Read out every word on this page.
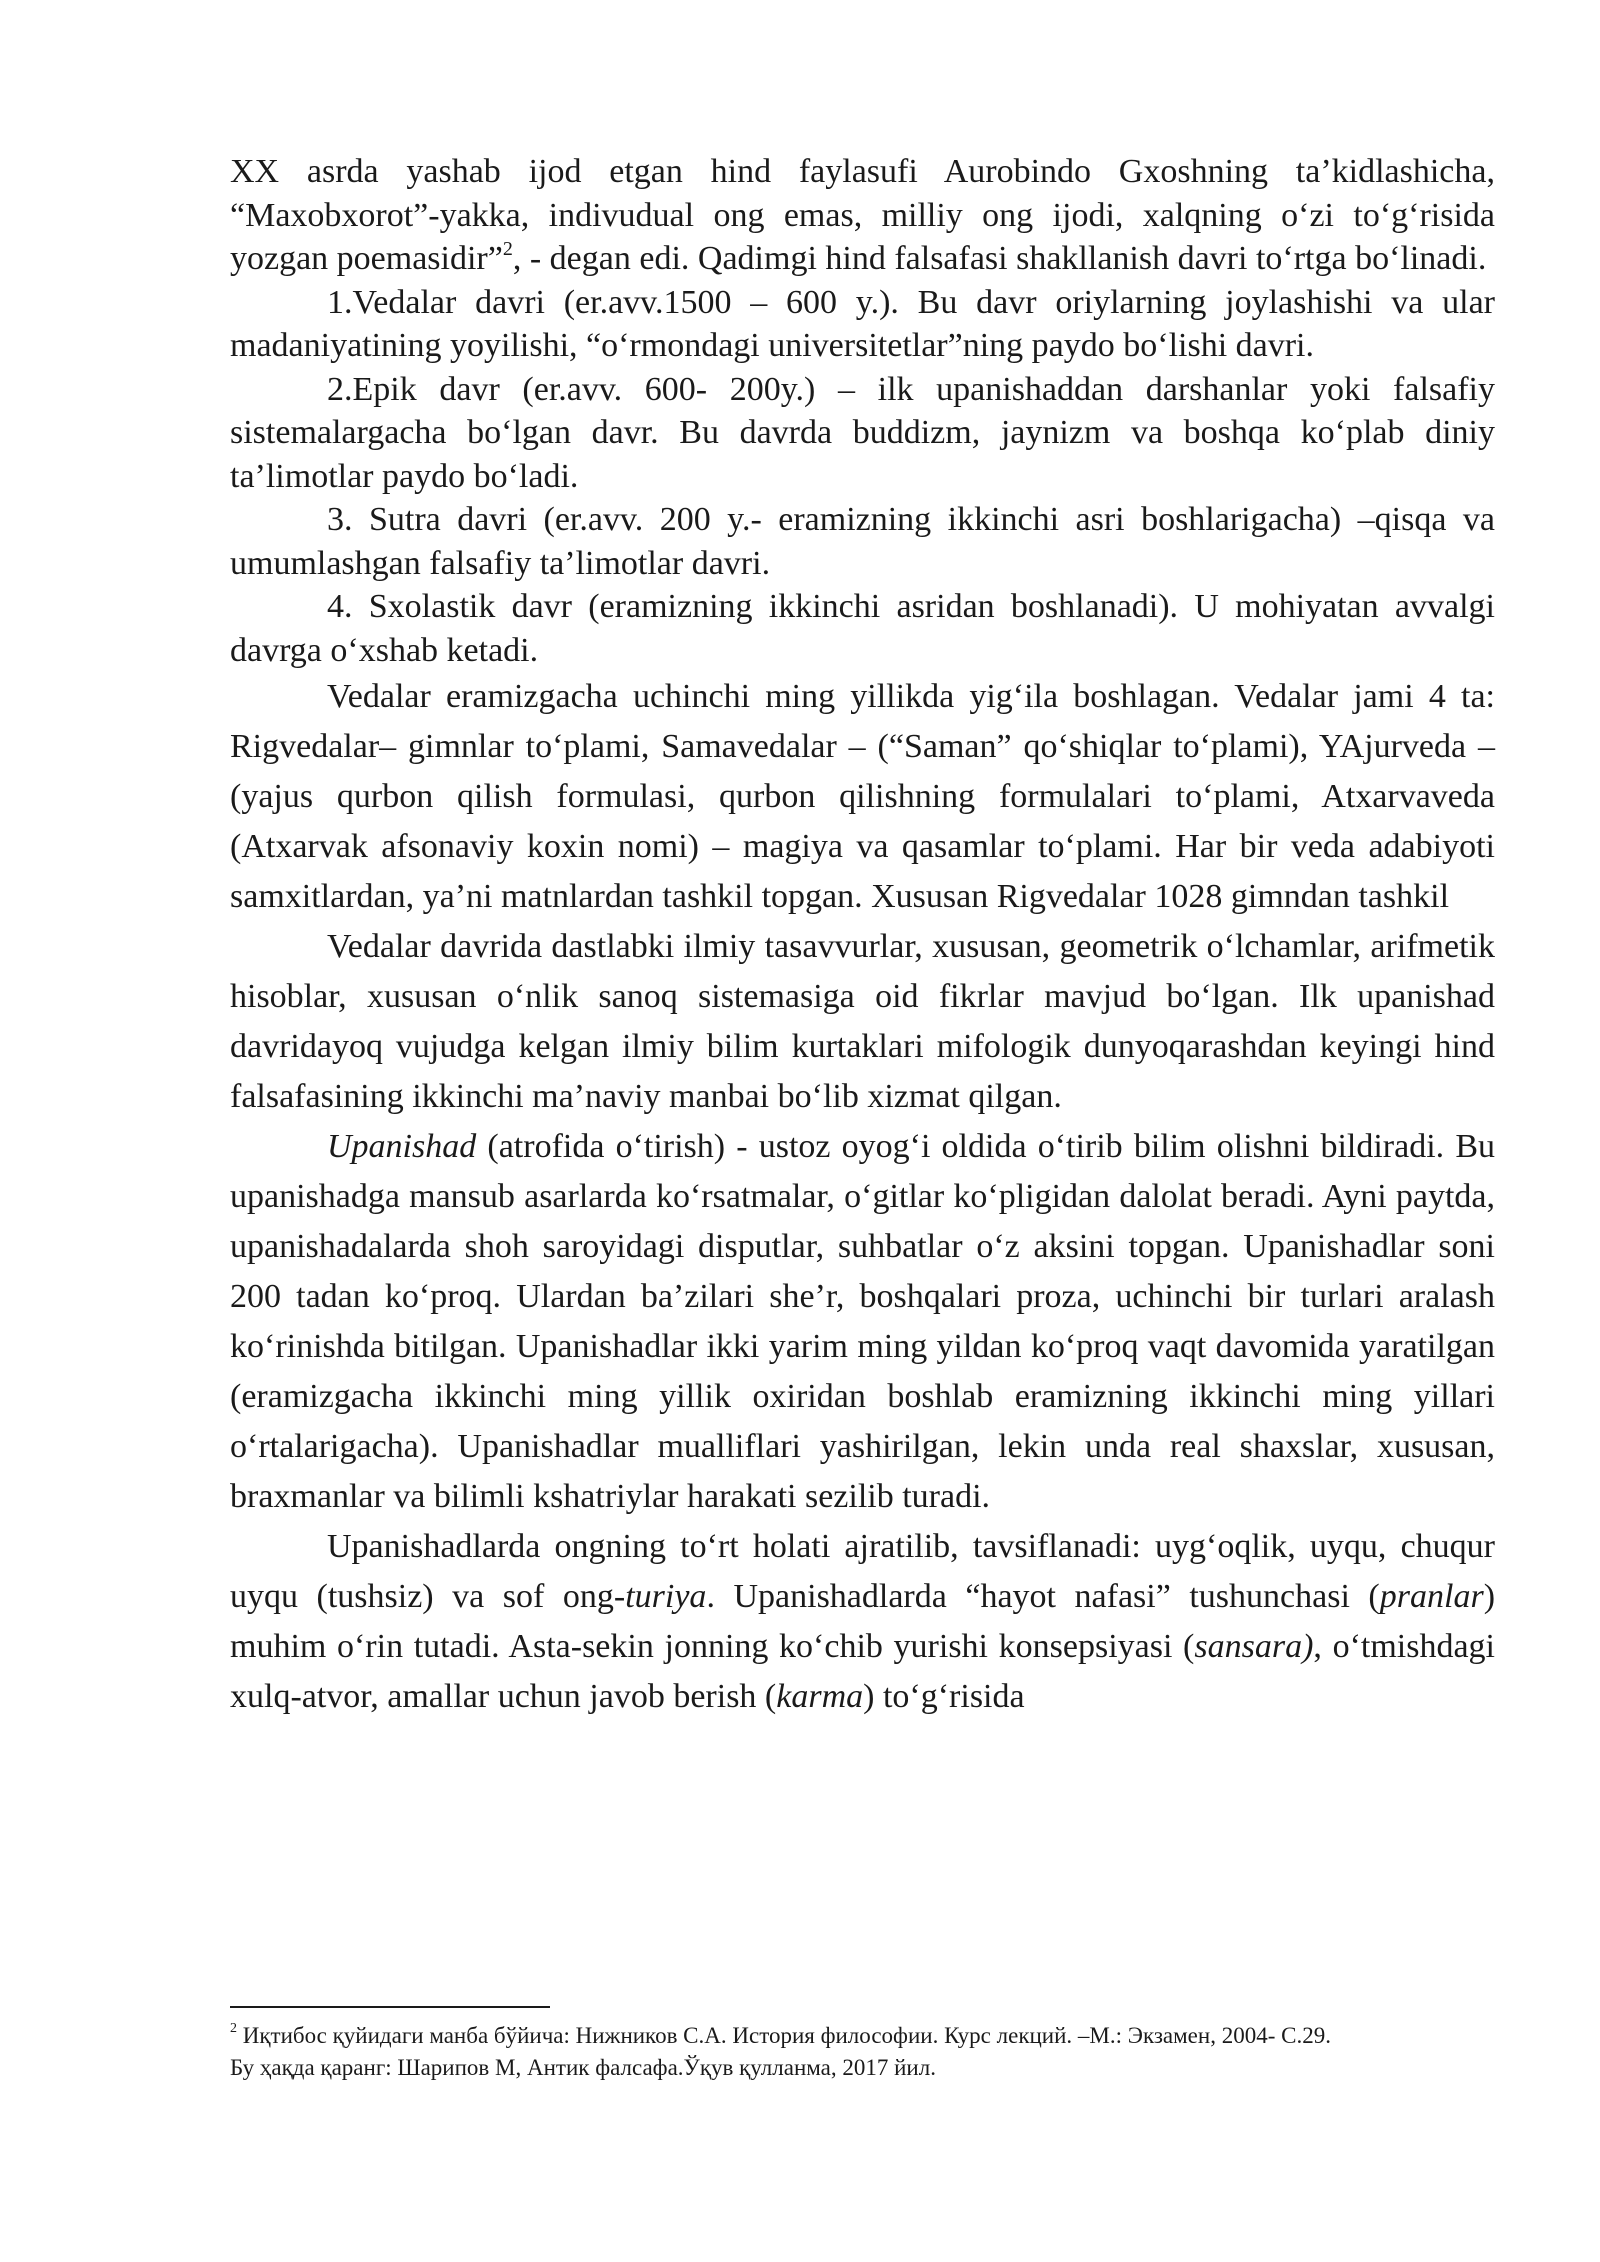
XX asrda yashab ijod etgan hind faylasufi Aurobindo Gxoshning ta’kidlashicha, “Maxobxorot”-yakka, indivudual ong emas, milliy ong ijodi, xalqning o‘zi to‘g‘risida yozgan poemasidir”$^2$, - degan edi. Qadimgi hind falsafasi shakllanish davri to‘rtga bo‘linadi.

1.Vedalar davri (er.avv.1500 – 600 y.). Bu davr oriylarning joylashishi va ular madaniyatining yoyilishi, “o‘rmondagi universitetlar”ning paydo bo‘lishi davri.

2.Epik davr (er.avv. 600- 200y.) – ilk upanishaddan darshanlar yoki falsafiy sistemalargacha bo‘lgan davr. Bu davrda buddizm, jaynizm va boshqa ko‘plab diniy ta’limotlar paydo bo‘ladi.

3. Sutra davri (er.avv. 200 y.- eramizning ikkinchi asri boshlarigacha) –qisqa va umumlashgan falsafiy ta’limotlar davri.

4. Sxolastik davr (eramizning ikkinchi asridan boshlanadi). U mohiyatan avvalgi davrga o‘xshab ketadi.

Vedalar eramizgacha uchinchi ming yillikda yig‘ila boshlagan. Vedalar jami 4 ta: Rigvedalar– gimnlar to‘plami, Samavedalar – (“Saman” qo‘shiqlar to‘plami), YAjurveda – (yajus qurbon qilish formulasi, qurbon qilishning formulalari to‘plami, Atxarvaveda (Atxarvak afsonaviy koxin nomi) – magiya va qasamlar to‘plami. Har bir veda adabiyoti samxitlardan, ya’ni matnlardan tashkil topgan. Xususan Rigvedalar 1028 gimndan tashkil

Vedalar davrida dastlabki ilmiy tasavvurlar, xususan, geometrik o‘lchamlar, arifmetik hisoblar, xususan o‘nlik sanoq sistemasiga oid fikrlar mavjud bo‘lgan. Ilk upanishad davridayoq vujudga kelgan ilmiy bilim kurtaklari mifologik dunyoqarashdan keyingi hind falsafasining ikkinchi ma’naviy manbai bo‘lib xizmat qilgan.

Upanishad (atrofida o‘tirish) - ustoz oyog‘i oldida o‘tirib bilim olishni bildiradi. Bu upanishadga mansub asarlarda ko‘rsatmalar, o‘gitlar ko‘pligidan dalolat beradi. Ayni paytda, upanishadalarda shoh saroyidagi disputlar, suhbatlar o‘z aksini topgan. Upanishadlar soni 200 tadan ko‘proq. Ulardan ba’zilari she’r, boshqalari proza, uchinchi bir turlari aralash ko‘rinishda bitilgan. Upanishadlar ikki yarim ming yildan ko‘proq vaqt davomida yaratilgan (eramizgacha ikkinchi ming yillik oxiridan boshlab eramizning ikkinchi ming yillari o‘rtalarigacha). Upanishadlar mualliflari yashirilgan, lekin unda real shaxslar, xususan, braxmanlar va bilimli kshatriylar harakati sezilib turadi.

Upanishadlarda ongning to‘rt holati ajratilib, tavsiflanadi: uyg‘oqlik, uyqu, chuqur uyqu (tushsiz) va sof ong-turiya. Upanishadlarda “hayot nafasi” tushunchasi (pranlar) muhim o‘rin tutadi. Asta-sekin jonning ko‘chib yurishi konsepsiyasi (sansara), o‘tmishdagi xulq-atvor, amallar uchun javob berish (karma) to‘g‘risida

$^2$ Иқтибос қуйидаги манба бўйича: Нижников С.А. История философии. Курс лекций. –М.: Экзамен, 2004- С.29.

Бу ҳақда қаранг: Шарипов М, Антик фалсафа.Ўқув қулланма, 2017 йил.
